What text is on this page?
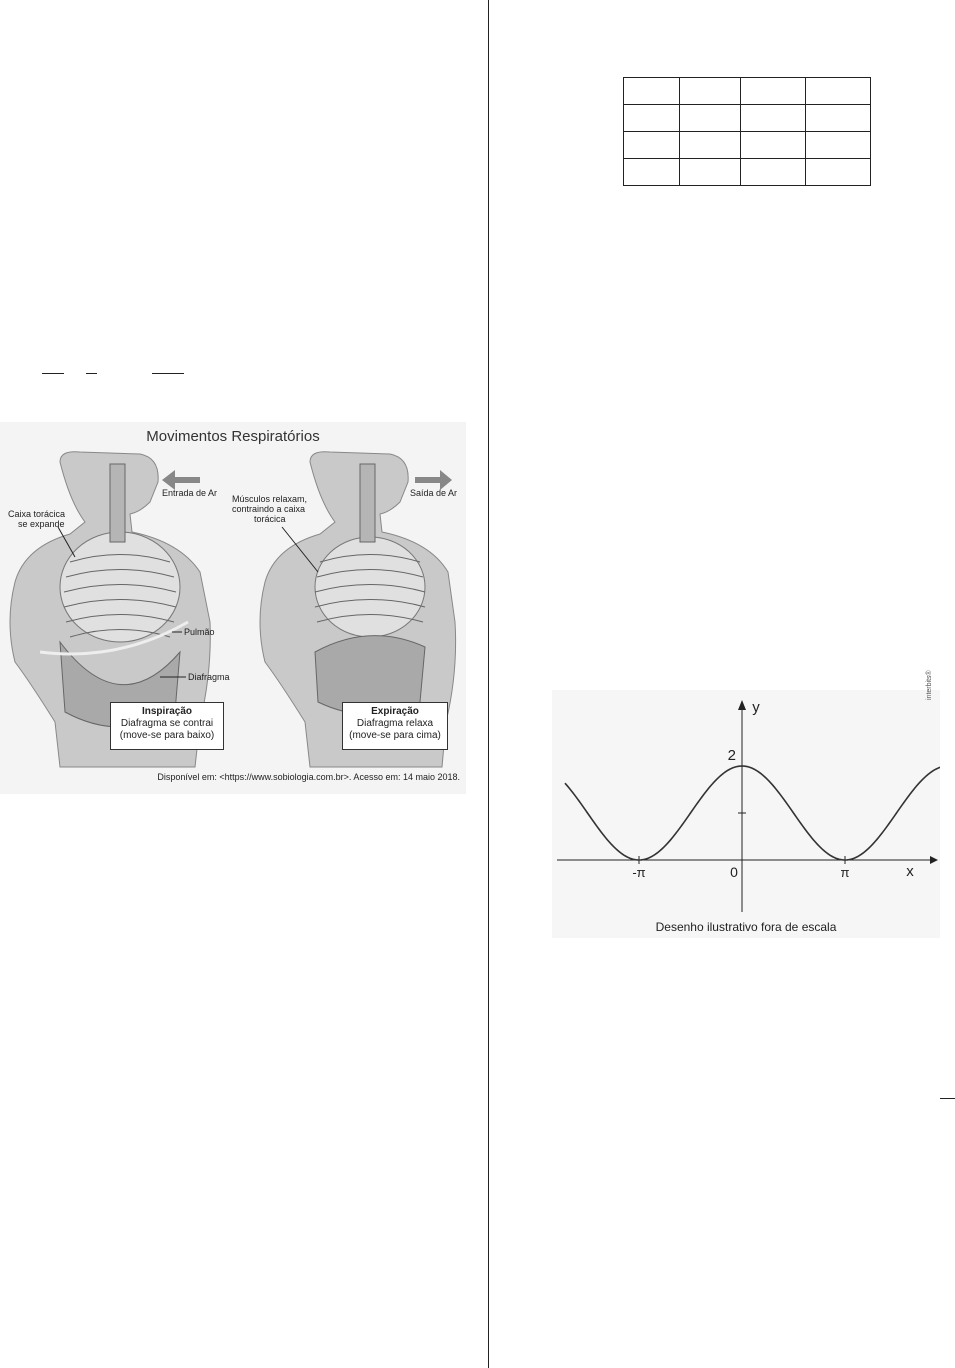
Movimentos Respiratórios
Entrada de Ar	Saída de Ar
Caixa torácica
se expande
Músculos relaxam,
contraindo a caixa
torácica
Pulmão
Diafragma
Inspiração
Diafragma se contrai
(move-se para baixo)
Expiração
Diafragma relaxa
(move-se para cima)
Disponível em: <https://www.sobiologia.com.br>. Acesso em: 14 maio 2018.

y
x
2
-π	0	π
Desenho ilustrativo fora de escala
interbits®
